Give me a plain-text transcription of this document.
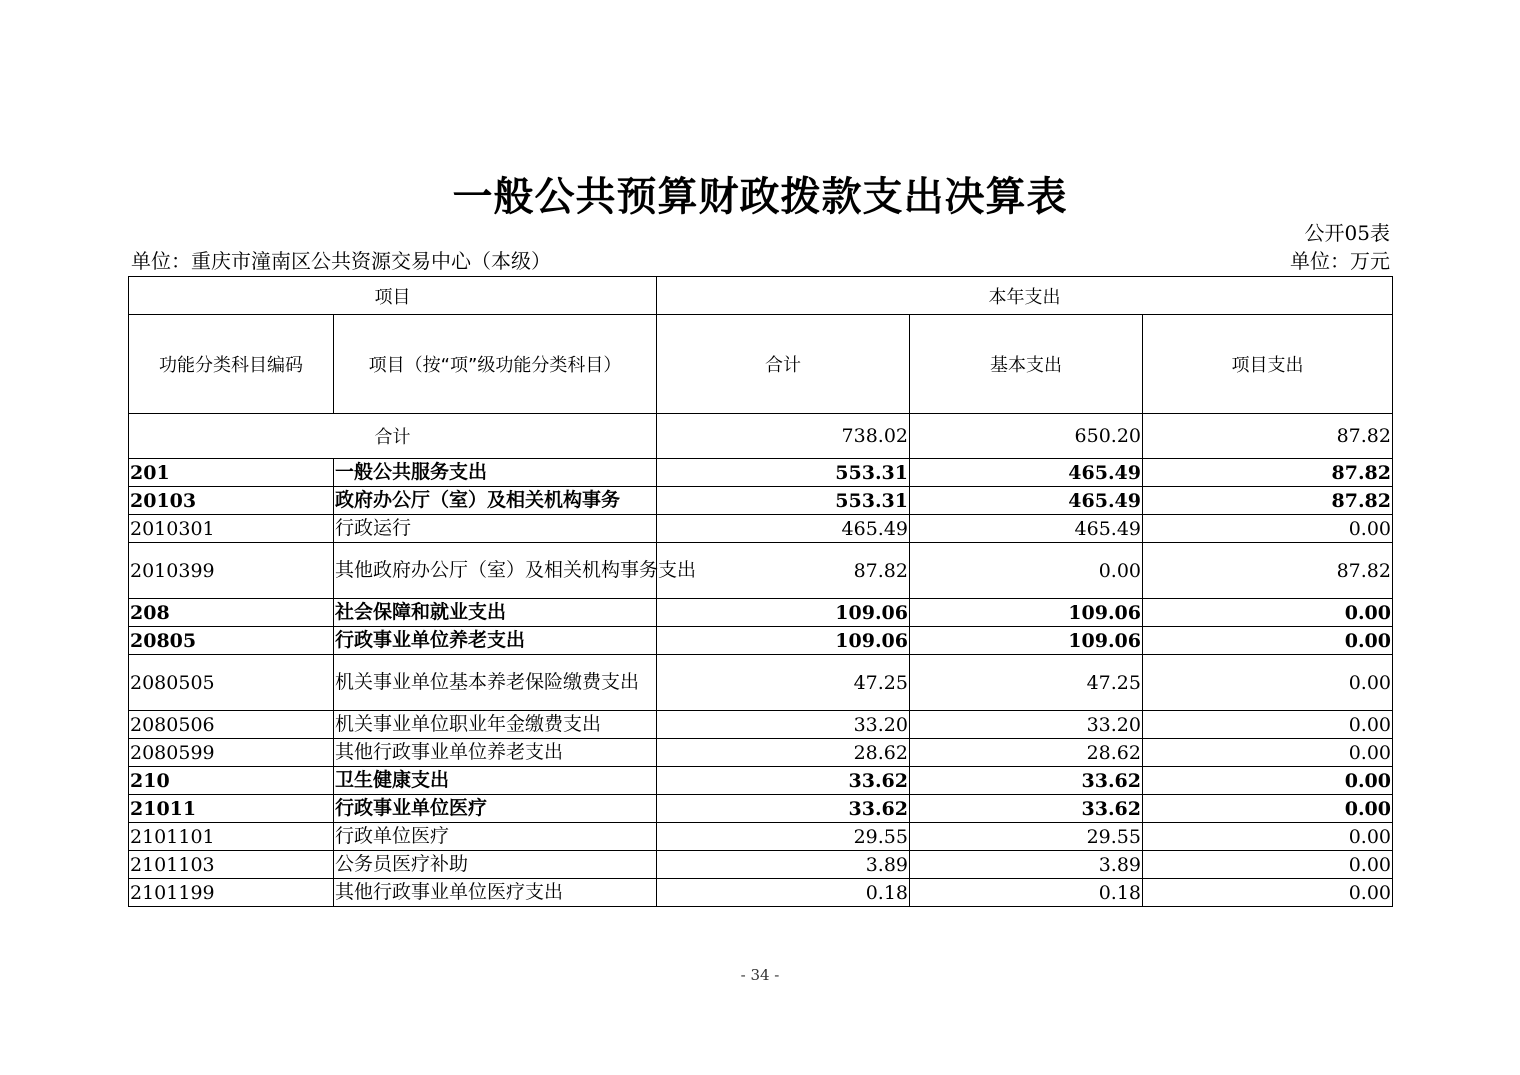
一般公共预算财政拨款支出决算表
公开05表
单位：重庆市潼南区公共资源交易中心（本级）	单位：万元
项目		本年支出		
功能分类科目编码	项目（按“项”级功能分类科目）	合计	基本支出	项目支出
合计		738.02	650.20	87.82
201	一般公共服务支出	553.31	465.49	87.82
20103	政府办公厅（室）及相关机构事务	553.31	465.49	87.82
2010301	行政运行	465.49	465.49	0.00
2010399	其他政府办公厅（室）及相关机构事务支出	87.82	0.00	87.82
208	社会保障和就业支出	109.06	109.06	0.00
20805	行政事业单位养老支出	109.06	109.06	0.00
2080505	机关事业单位基本养老保险缴费支出	47.25	47.25	0.00
2080506	机关事业单位职业年金缴费支出	33.20	33.20	0.00
2080599	其他行政事业单位养老支出	28.62	28.62	0.00
210	卫生健康支出	33.62	33.62	0.00
21011	行政事业单位医疗	33.62	33.62	0.00
2101101	行政单位医疗	29.55	29.55	0.00
2101103	公务员医疗补助	3.89	3.89	0.00
2101199	其他行政事业单位医疗支出	0.18	0.18	0.00
- 34 -
